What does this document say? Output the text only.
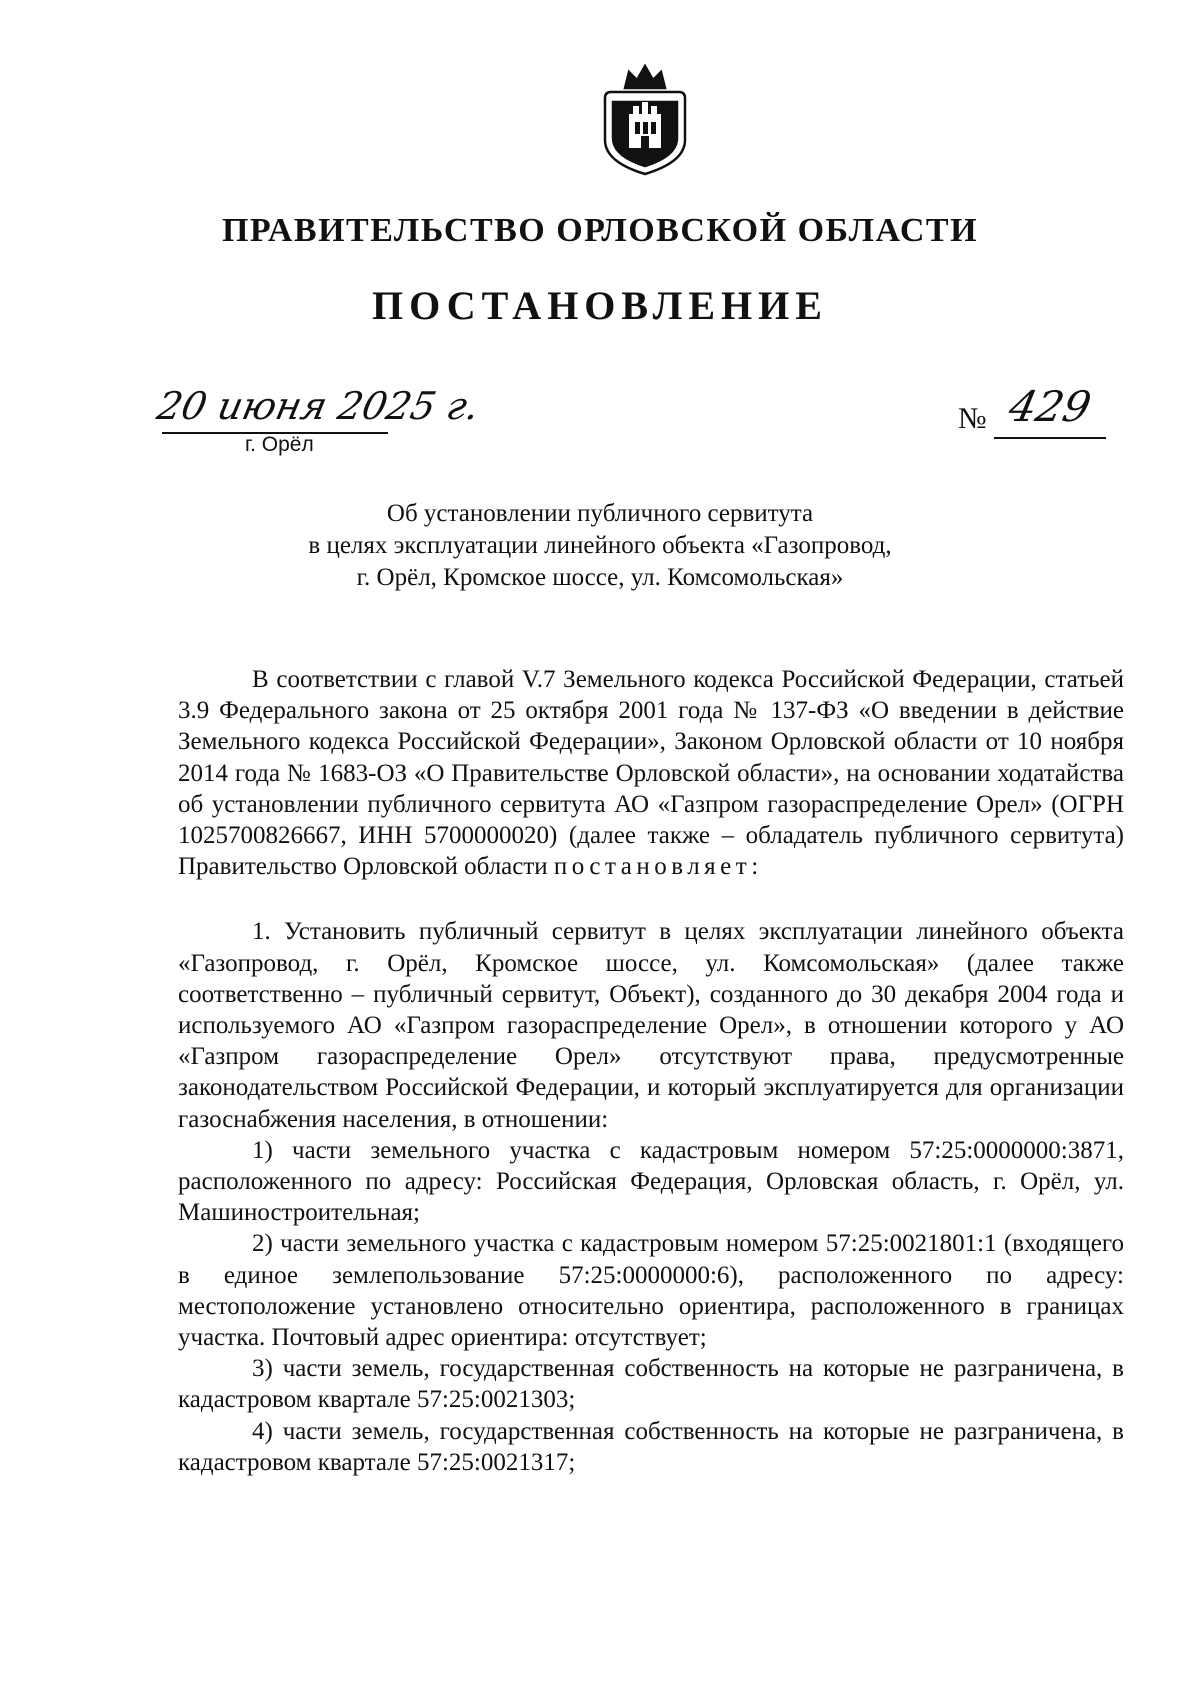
ПРАВИТЕЛЬСТВО ОРЛОВСКОЙ ОБЛАСТИ
ПОСТАНОВЛЕНИЕ
20 июня 2025 г.
г. Орёл
№ 429
Об установлении публичного сервитута
в целях эксплуатации линейного объекта «Газопровод,
г. Орёл, Кромское шоссе, ул. Комсомольская»

В соответствии с главой V.7 Земельного кодекса Российской Федерации, статьей 3.9 Федерального закона от 25 октября 2001 года № 137-ФЗ «О введении в действие Земельного кодекса Российской Федерации», Законом Орловской области от 10 ноября 2014 года № 1683-ОЗ «О Правительстве Орловской области», на основании ходатайства об установлении публичного сервитута АО «Газпром газораспределение Орел» (ОГРН 1025700826667, ИНН 5700000020) (далее также – обладатель публичного сервитута) Правительство Орловской области постановляет:

1. Установить публичный сервитут в целях эксплуатации линейного объекта «Газопровод, г. Орёл, Кромское шоссе, ул. Комсомольская» (далее также соответственно – публичный сервитут, Объект), созданного до 30 декабря 2004 года и используемого АО «Газпром газораспределение Орел», в отношении которого у АО «Газпром газораспределение Орел» отсутствуют права, предусмотренные законодательством Российской Федерации, и который эксплуатируется для организации газоснабжения населения, в отношении:

1) части земельного участка с кадастровым номером 57:25:0000000:3871, расположенного по адресу: Российская Федерация, Орловская область, г. Орёл, ул. Машиностроительная;

2) части земельного участка с кадастровым номером 57:25:0021801:1 (входящего в единое землепользование 57:25:0000000:6), расположенного по адресу: местоположение установлено относительно ориентира, расположенного в границах участка. Почтовый адрес ориентира: отсутствует;

3) части земель, государственная собственность на которые не разграничена, в кадастровом квартале 57:25:0021303;

4) части земель, государственная собственность на которые не разграничена, в кадастровом квартале 57:25:0021317;
